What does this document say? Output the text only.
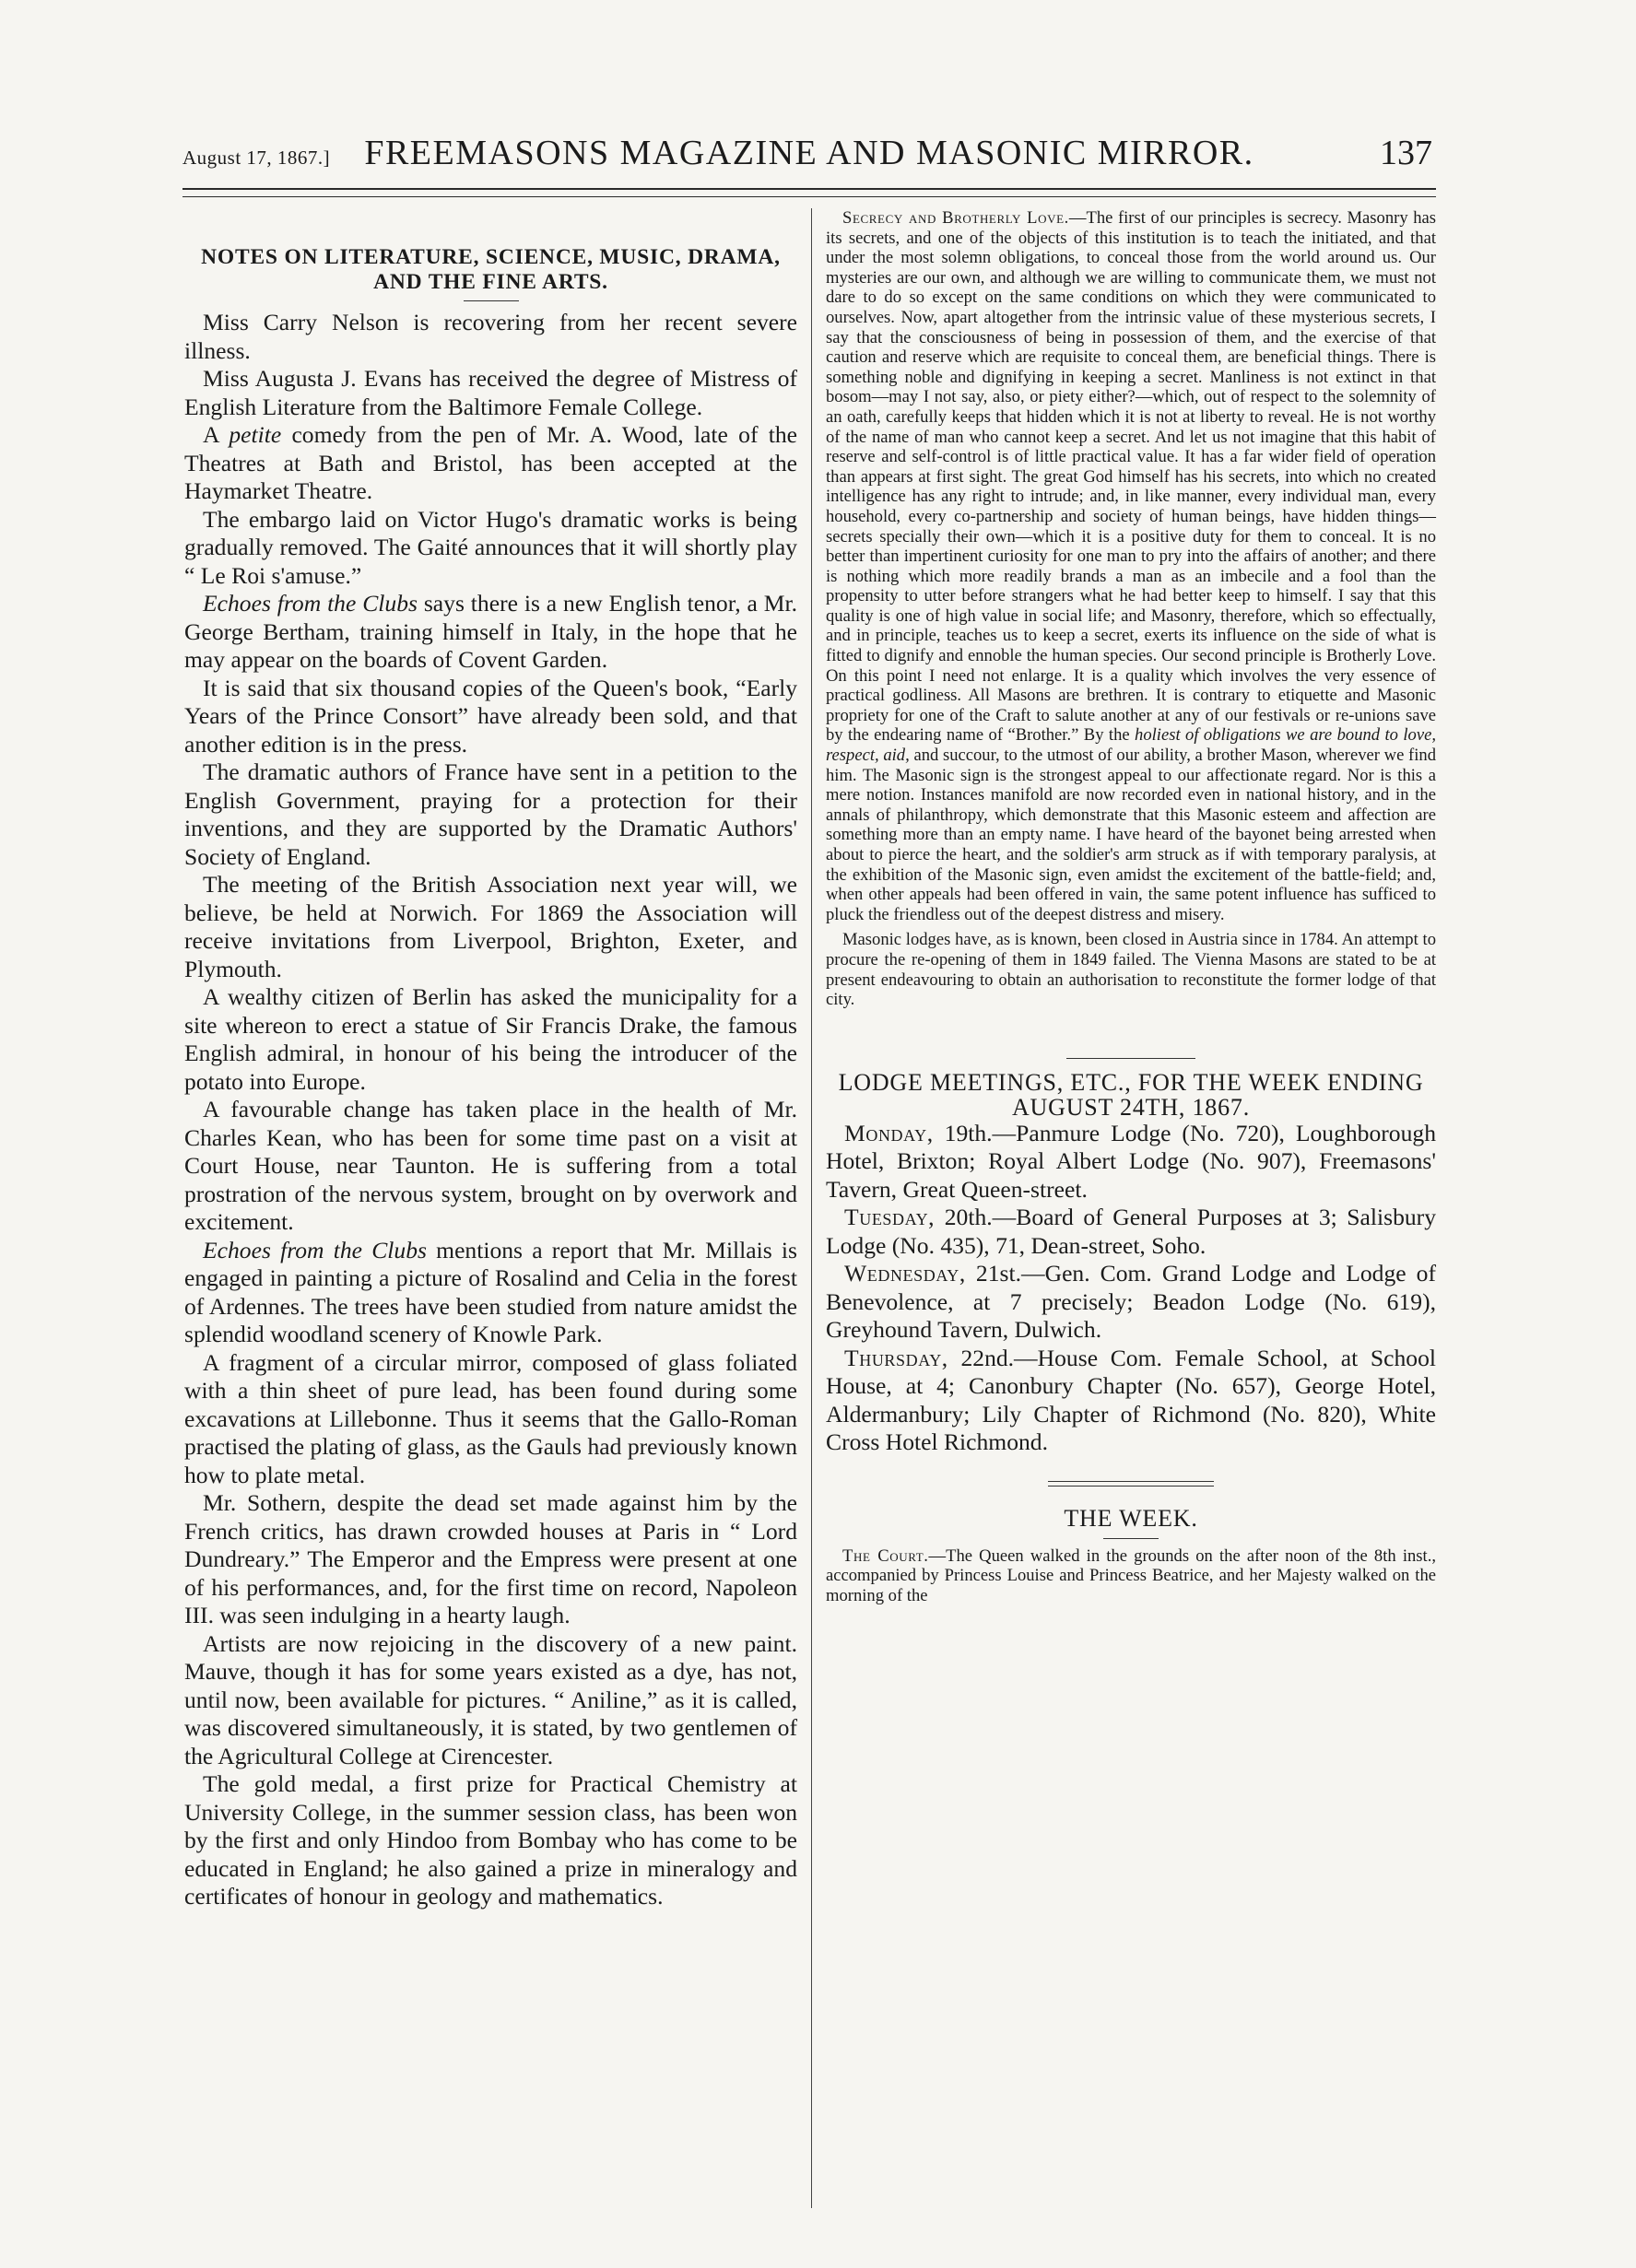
August 17, 1867.] FREEMASONS MAGAZINE AND MASONIC MIRROR.	137
NOTES ON LITERATURE, SCIENCE, MUSIC, DRAMA, AND THE FINE ARTS.

Miss Carry Nelson is recovering from her recent severe illness.

Miss Augusta J. Evans has received the degree of Mistress of English Literature from the Baltimore Female College.

A petite comedy from the pen of Mr. A. Wood, late of the Theatres at Bath and Bristol, has been accepted at the Haymarket Theatre.

The embargo laid on Victor Hugo's dramatic works is being gradually removed. The Gaité announces that it will shortly play “ Le Roi s'amuse.”

Echoes from the Clubs says there is a new English tenor, a Mr. George Bertham, training himself in Italy, in the hope that he may appear on the boards of Covent Garden.

It is said that six thousand copies of the Queen's book, “Early Years of the Prince Consort” have already been sold, and that another edition is in the press.

The dramatic authors of France have sent in a petition to the English Government, praying for a protection for their inventions, and they are supported by the Dramatic Authors' Society of England.

The meeting of the British Association next year will, we believe, be held at Norwich. For 1869 the Association will receive invitations from Liverpool, Brighton, Exeter, and Plymouth.

A wealthy citizen of Berlin has asked the municipality for a site whereon to erect a statue of Sir Francis Drake, the famous English admiral, in honour of his being the introducer of the potato into Europe.

A favourable change has taken place in the health of Mr. Charles Kean, who has been for some time past on a visit at Court House, near Taunton. He is suffering from a total prostration of the nervous system, brought on by overwork and excitement.

Echoes from the Clubs mentions a report that Mr. Millais is engaged in painting a picture of Rosalind and Celia in the forest of Ardennes. The trees have been studied from nature amidst the splendid woodland scenery of Knowle Park.

A fragment of a circular mirror, composed of glass foliated with a thin sheet of pure lead, has been found during some excavations at Lillebonne. Thus it seems that the Gallo-Roman practised the plating of glass, as the Gauls had previously known how to plate metal.

Mr. Sothern, despite the dead set made against him by the French critics, has drawn crowded houses at Paris in “ Lord Dundreary.” The Emperor and the Empress were present at one of his performances, and, for the first time on record, Napoleon III. was seen indulging in a hearty laugh.

Artists are now rejoicing in the discovery of a new paint. Mauve, though it has for some years existed as a dye, has not, until now, been available for pictures. “ Aniline,” as it is called, was discovered simultaneously, it is stated, by two gentlemen of the Agricultural College at Cirencester.

The gold medal, a first prize for Practical Chemistry at University College, in the summer session class, has been won by the first and only Hindoo from Bombay who has come to be educated in England; he also gained a prize in mineralogy and certificates of honour in geology and mathematics.

Secrecy and Brotherly Love.—The first of our principles is secrecy. Masonry has its secrets, and one of the objects of this institution is to teach the initiated, and that under the most solemn obligations, to conceal those from the world around us. Our mysteries are our own, and although we are willing to communicate them, we must not dare to do so except on the same conditions on which they were communicated to ourselves. Now, apart altogether from the intrinsic value of these mysterious secrets, I say that the consciousness of being in possession of them, and the exercise of that caution and reserve which are requisite to conceal them, are beneficial things. There is something noble and dignifying in keeping a secret. Manliness is not extinct in that bosom—may I not say, also, or piety either?—which, out of respect to the solemnity of an oath, carefully keeps that hidden which it is not at liberty to reveal. He is not worthy of the name of man who cannot keep a secret. And let us not imagine that this habit of reserve and self-control is of little practical value. It has a far wider field of operation than appears at first sight. The great God himself has his secrets, into which no created intelligence has any right to intrude; and, in like manner, every individual man, every household, every co-partnership and society of human beings, have hidden things—secrets specially their own—which it is a positive duty for them to conceal. It is no better than impertinent curiosity for one man to pry into the affairs of another; and there is nothing which more readily brands a man as an imbecile and a fool than the propensity to utter before strangers what he had better keep to himself. I say that this quality is one of high value in social life; and Masonry, therefore, which so effectually, and in principle, teaches us to keep a secret, exerts its influence on the side of what is fitted to dignify and ennoble the human species. Our second principle is Brotherly Love. On this point I need not enlarge. It is a quality which involves the very essence of practical godliness. All Masons are brethren. It is contrary to etiquette and Masonic propriety for one of the Craft to salute another at any of our festivals or re-unions save by the endearing name of “Brother.” By the holiest of obligations we are bound to love, respect, aid, and succour, to the utmost of our ability, a brother Mason, wherever we find him. The Masonic sign is the strongest appeal to our affectionate regard. Nor is this a mere notion. Instances manifold are now recorded even in national history, and in the annals of philanthropy, which demonstrate that this Masonic esteem and affection are something more than an empty name. I have heard of the bayonet being arrested when about to pierce the heart, and the soldier's arm struck as if with temporary paralysis, at the exhibition of the Masonic sign, even amidst the excitement of the battle-field; and, when other appeals had been offered in vain, the same potent influence has sufficed to pluck the friendless out of the deepest distress and misery.

Masonic lodges have, as is known, been closed in Austria since in 1784. An attempt to procure the re-opening of them in 1849 failed. The Vienna Masons are stated to be at present endeavouring to obtain an authorisation to reconstitute the former lodge of that city.

LODGE MEETINGS, ETC., FOR THE WEEK ENDING AUGUST 24TH, 1867.

Monday, 19th.—Panmure Lodge (No. 720), Loughborough Hotel, Brixton; Royal Albert Lodge (No. 907), Freemasons' Tavern, Great Queen-street.

Tuesday, 20th.—Board of General Purposes at 3; Salisbury Lodge (No. 435), 71, Dean-street, Soho.

Wednesday, 21st.—Gen. Com. Grand Lodge and Lodge of Benevolence, at 7 precisely; Beadon Lodge (No. 619), Greyhound Tavern, Dulwich.

Thursday, 22nd.—House Com. Female School, at School House, at 4; Canonbury Chapter (No. 657), George Hotel, Aldermanbury; Lily Chapter of Richmond (No. 820), White Cross Hotel Richmond.

THE WEEK.

The Court.—The Queen walked in the grounds on the after noon of the 8th inst., accompanied by Princess Louise and Princess Beatrice, and her Majesty walked on the morning of the
